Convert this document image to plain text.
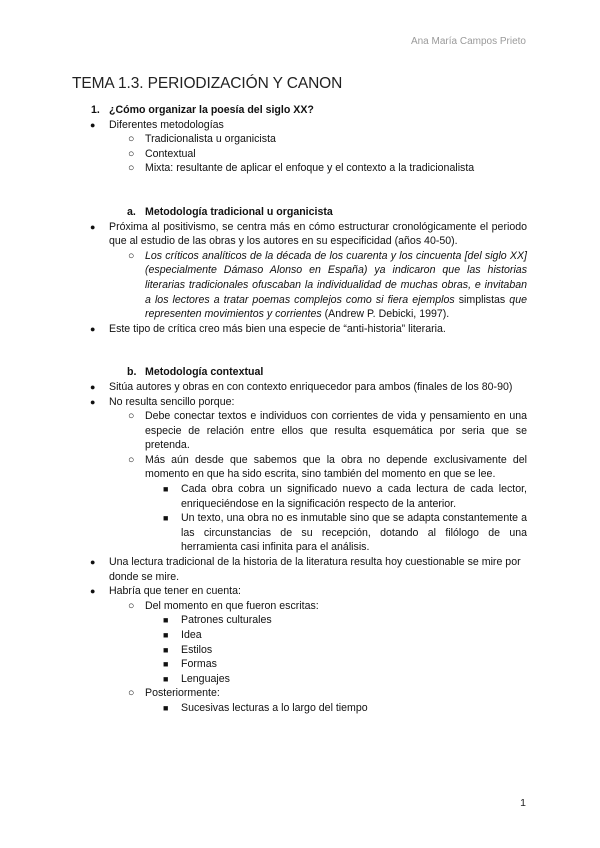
Ana María Campos Prieto
TEMA 1.3. PERIODIZACIÓN Y CANON
1. ¿Cómo organizar la poesía del siglo XX?
● Diferentes metodologías
○ Tradicionalista u organicista
○ Contextual
○ Mixta: resultante de aplicar el enfoque y el contexto a la tradicionalista
a. Metodología tradicional u organicista
● Próxima al positivismo, se centra más en cómo estructurar cronológicamente el periodo que al estudio de las obras y los autores en su especificidad (años 40-50).
○ Los críticos analíticos de la década de los cuarenta y los cincuenta [del siglo XX] (especialmente Dámaso Alonso en España) ya indicaron que las historias literarias tradicionales ofuscaban la individualidad de muchas obras, e invitaban a los lectores a tratar poemas complejos como si fiera ejemplos simplistas que representen movimientos y corrientes (Andrew P. Debicki, 1997).
● Este tipo de crítica creo más bien una especie de “anti-historia” literaria.
b. Metodología contextual
● Sitúa autores y obras en con contexto enriquecedor para ambos (finales de los 80-90)
● No resulta sencillo porque:
○ Debe conectar textos e individuos con corrientes de vida y pensamiento en una especie de relación entre ellos que resulta esquemática por seria que se pretenda.
○ Más aún desde que sabemos que la obra no depende exclusivamente del momento en que ha sido escrita, sino también del momento en que se lee.
■ Cada obra cobra un significado nuevo a cada lectura de cada lector, enriqueciéndose en la significación respecto de la anterior.
■ Un texto, una obra no es inmutable sino que se adapta constantemente a las circunstancias de su recepción, dotando al filólogo de una herramienta casi infinita para el análisis.
● Una lectura tradicional de la historia de la literatura resulta hoy cuestionable se mire por donde se mire.
● Habría que tener en cuenta:
○ Del momento en que fueron escritas:
■ Patrones culturales
■ Idea
■ Estilos
■ Formas
■ Lenguajes
○ Posteriormente:
■ Sucesivas lecturas a lo largo del tiempo
1
